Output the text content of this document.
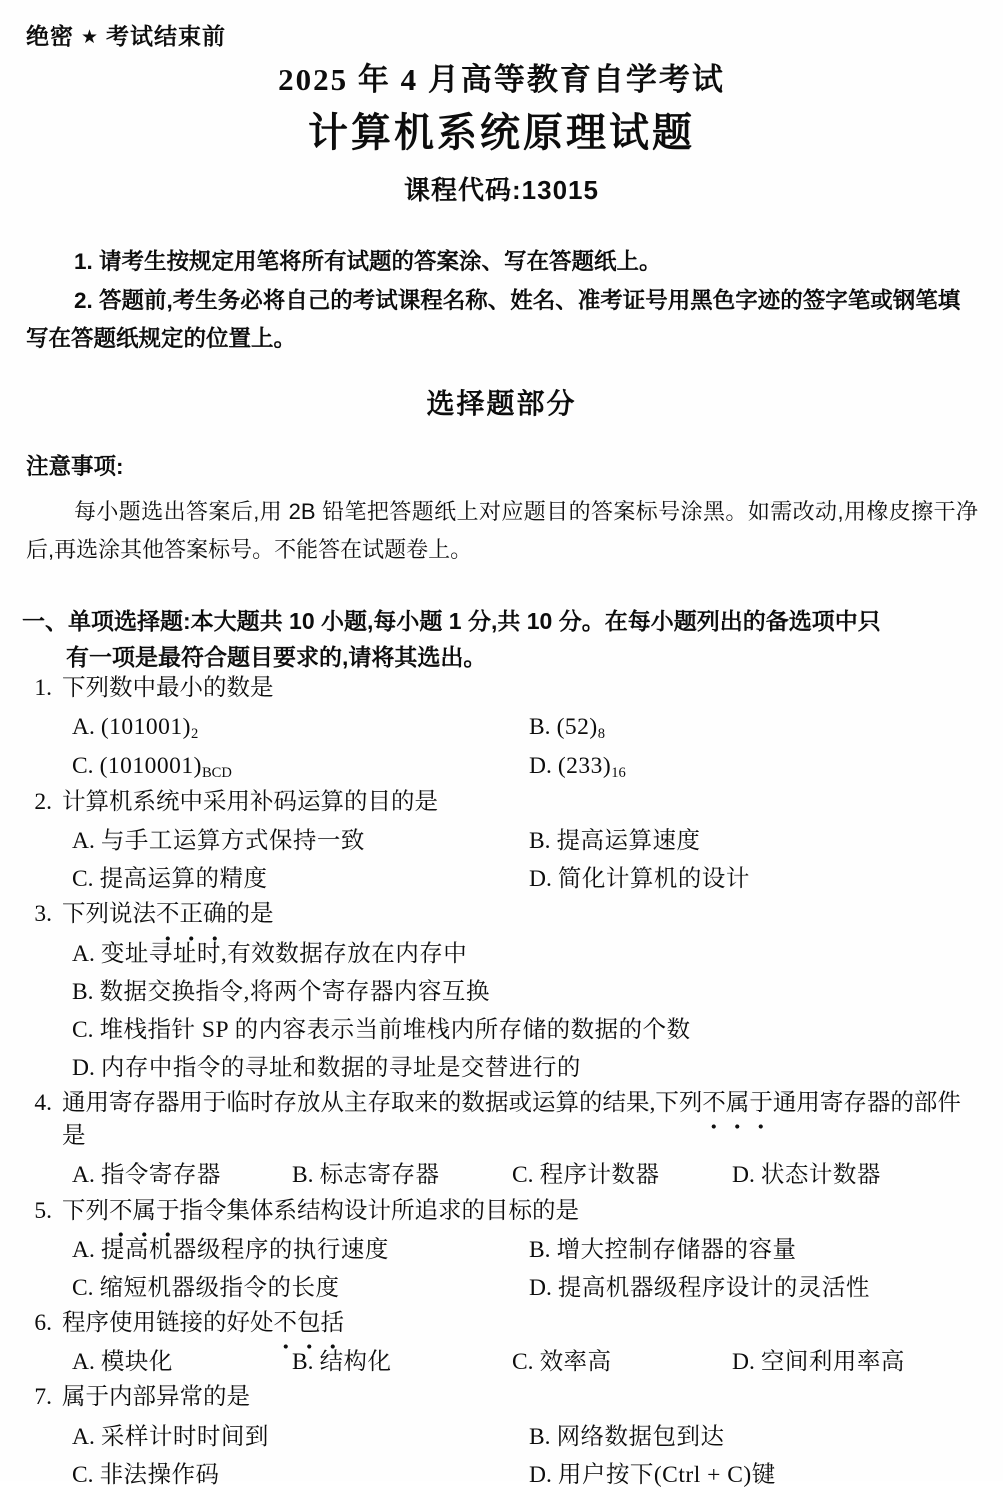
绝密 ★ 考试结束前
2025 年 4 月高等教育自学考试
计算机系统原理试题
课程代码:13015
1. 请考生按规定用笔将所有试题的答案涂、写在答题纸上。
2. 答题前,考生务必将自己的考试课程名称、姓名、准考证号用黑色字迹的签字笔或钢笔填写在答题纸规定的位置上。
选择题部分
注意事项:
每小题选出答案后,用 2B 铅笔把答题纸上对应题目的答案标号涂黑。如需改动,用橡皮擦干净后,再选涂其他答案标号。不能答在试题卷上。
一、单项选择题:本大题共 10 小题,每小题 1 分,共 10 分。在每小题列出的备选项中只
有一项是最符合题目要求的,请将其选出。
1. 下列数中最小的数是
A. $(101001)_2$	B. $(52)_8$
C. $(1010001)_{BCD}$	D. $(233)_{16}$
2. 计算机系统中采用补码运算的目的是
A. 与手工运算方式保持一致	B. 提高运算速度
C. 提高运算的精度	D. 简化计算机的设计
3. 下列说法不正确的是
A. 变址寻址时,有效数据存放在内存中
B. 数据交换指令,将两个寄存器内容互换
C. 堆栈指针 SP 的内容表示当前堆栈内所存储的数据的个数
D. 内存中指令的寻址和数据的寻址是交替进行的
4. 通用寄存器用于临时存放从主存取来的数据或运算的结果,下列不属于通用寄存器的部件是
A. 指令寄存器	B. 标志寄存器	C. 程序计数器	D. 状态计数器
5. 下列不属于指令集体系结构设计所追求的目标的是
A. 提高机器级程序的执行速度	B. 增大控制存储器的容量
C. 缩短机器级指令的长度	D. 提高机器级程序设计的灵活性
6. 程序使用链接的好处不包括
A. 模块化	B. 结构化	C. 效率高	D. 空间利用率高
7. 属于内部异常的是
A. 采样计时时间到	B. 网络数据包到达
C. 非法操作码	D. 用户按下(Ctrl + C)键
